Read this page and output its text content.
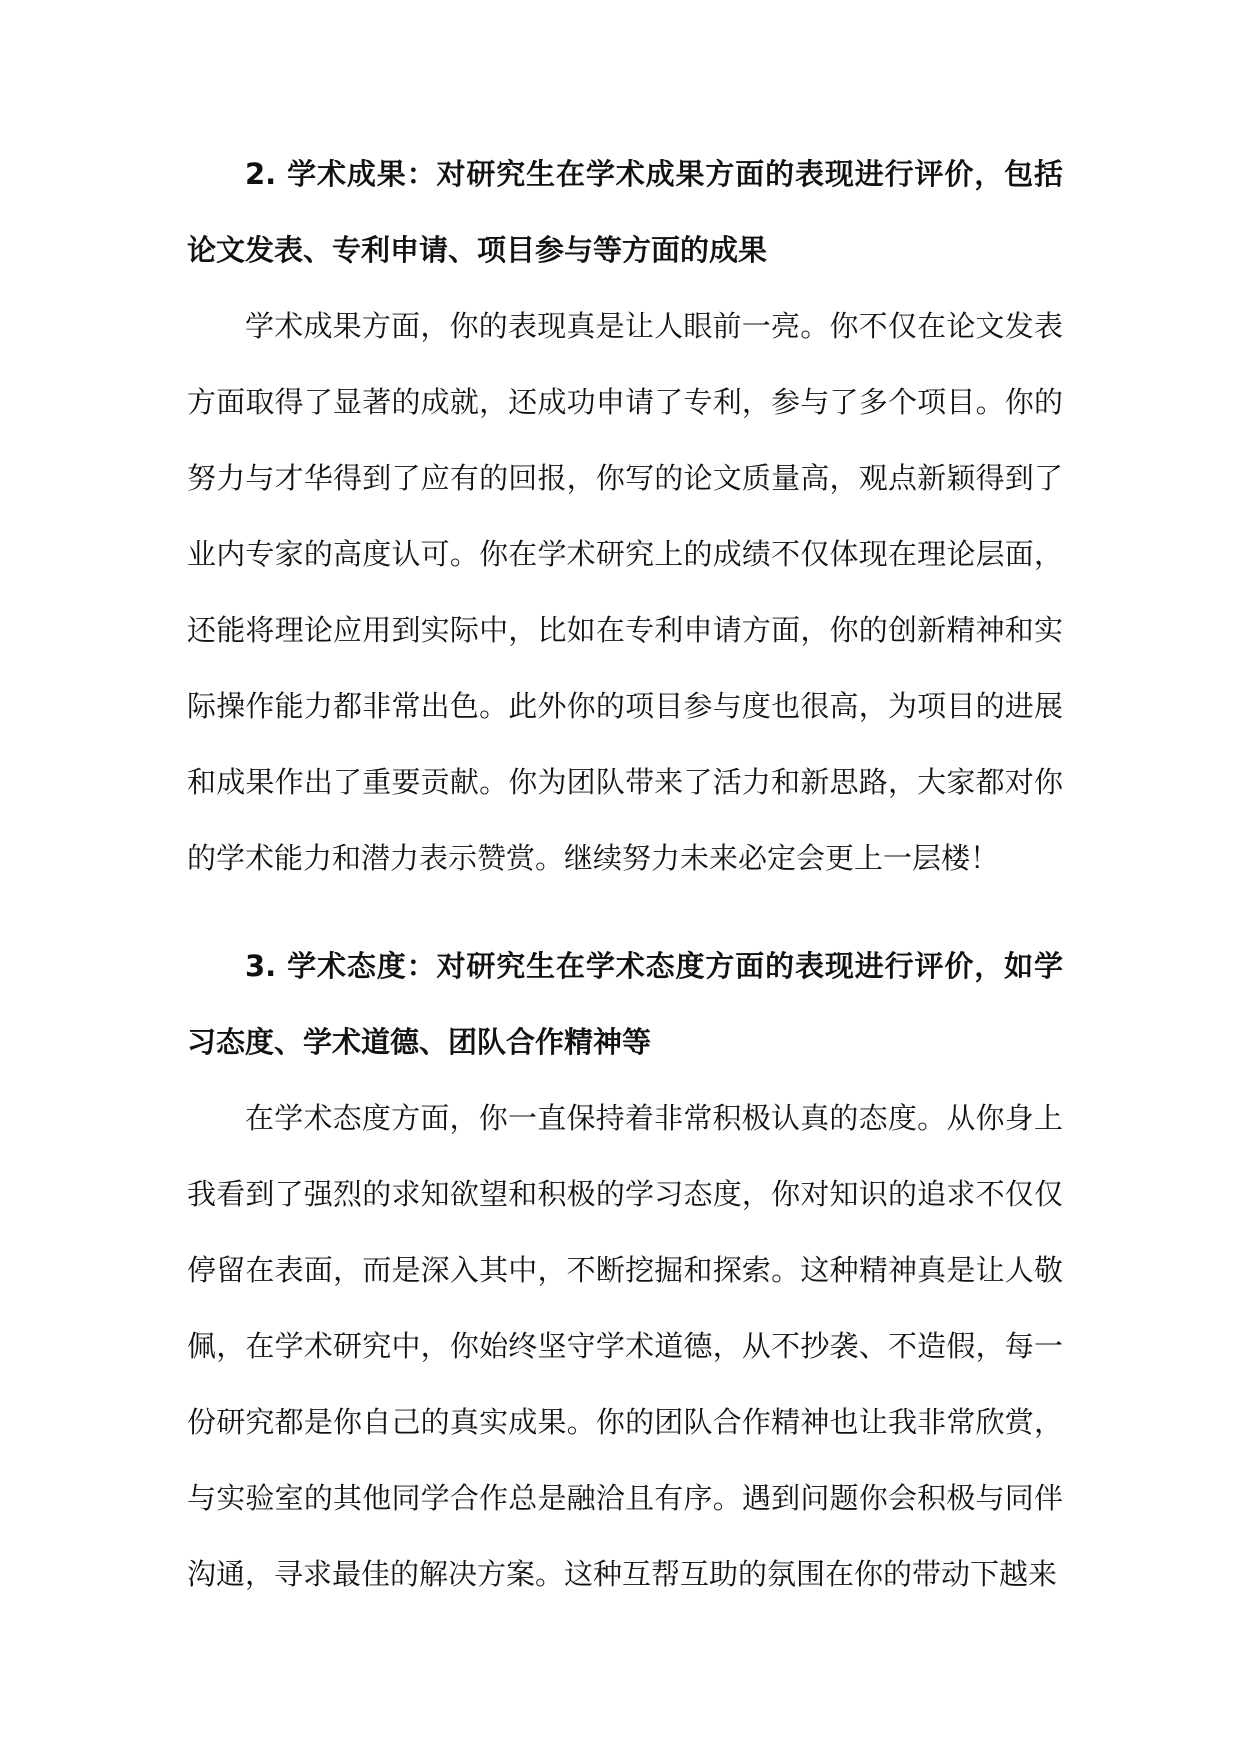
2. 学术成果：对研究生在学术成果方面的表现进行评价，包括论文发表、专利申请、项目参与等方面的成果

学术成果方面，你的表现真是让人眼前一亮。你不仅在论文发表方面取得了显著的成就，还成功申请了专利，参与了多个项目。你的努力与才华得到了应有的回报，你写的论文质量高，观点新颖得到了业内专家的高度认可。你在学术研究上的成绩不仅体现在理论层面，还能将理论应用到实际中，比如在专利申请方面，你的创新精神和实际操作能力都非常出色。此外你的项目参与度也很高，为项目的进展和成果作出了重要贡献。你为团队带来了活力和新思路，大家都对你的学术能力和潜力表示赞赏。继续努力未来必定会更上一层楼！

3. 学术态度：对研究生在学术态度方面的表现进行评价，如学习态度、学术道德、团队合作精神等

在学术态度方面，你一直保持着非常积极认真的态度。从你身上我看到了强烈的求知欲望和积极的学习态度，你对知识的追求不仅仅停留在表面，而是深入其中，不断挖掘和探索。这种精神真是让人敬佩，在学术研究中，你始终坚守学术道德，从不抄袭、不造假，每一份研究都是你自己的真实成果。你的团队合作精神也让我非常欣赏，与实验室的其他同学合作总是融洽且有序。遇到问题你会积极与同伴沟通，寻求最佳的解决方案。这种互帮互助的氛围在你的带动下越来
